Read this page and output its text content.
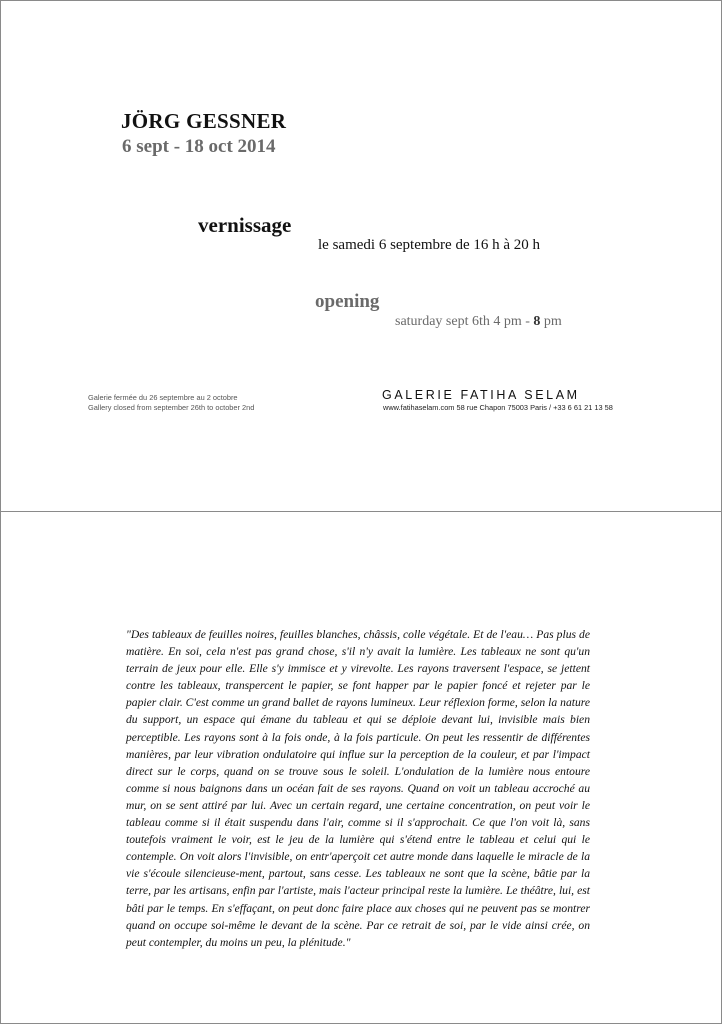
JÖRG GESSNER
6 sept - 18 oct 2014
vernissage
le samedi 6 septembre de 16 h à 20 h
opening
saturday sept 6th 4 pm - 8 pm
Galerie fermée du 26 septembre au 2 octobre
Gallery closed from september 26th to october 2nd
GALERIE FATIHA SELAM
www.fatihaselam.com 58 rue Chapon 75003 Paris / +33 6 61 21 13 58
"Des tableaux de feuilles noires, feuilles blanches, châssis, colle végétale. Et de l'eau… Pas plus de matière. En soi, cela n'est pas grand chose, s'il n'y avait la lumière. Les tableaux ne sont qu'un terrain de jeux pour elle. Elle s'y immisce et y virevolte. Les rayons traversent l'espace, se jettent contre les tableaux, transpercent le papier, se font happer par le papier foncé et rejeter par le papier clair. C'est comme un grand ballet de rayons lumineux. Leur réflexion forme, selon la nature du support, un espace qui émane du tableau et qui se déploie devant lui, invisible mais bien perceptible. Les rayons sont à la fois onde, à la fois particule. On peut les ressentir de différentes manières, par leur vibration ondulatoire qui influe sur la perception de la couleur, et par l'impact direct sur le corps, quand on se trouve sous le soleil. L'ondulation de la lumière nous entoure comme si nous baignons dans un océan fait de ses rayons. Quand on voit un tableau accroché au mur, on se sent attiré par lui. Avec un certain regard, une certaine concentration, on peut voir le tableau comme si il était suspendu dans l'air, comme si il s'approchait. Ce que l'on voit là, sans toutefois vraiment le voir, est le jeu de la lumière qui s'étend entre le tableau et celui qui le contemple. On voit alors l'invisible, on entr'aperçoit cet autre monde dans laquelle le miracle de la vie s'écoule silencieuse-ment, partout, sans cesse. Les tableaux ne sont que la scène, bâtie par la terre, par les artisans, enfin par l'artiste, mais l'acteur principal reste la lumière. Le théâtre, lui, est bâti par le temps. En s'effaçant, on peut donc faire place aux choses qui ne peuvent pas se montrer quand on occupe soi-même le devant de la scène. Par ce retrait de soi, par le vide ainsi crée, on peut contempler, du moins un peu, la plénitude."
